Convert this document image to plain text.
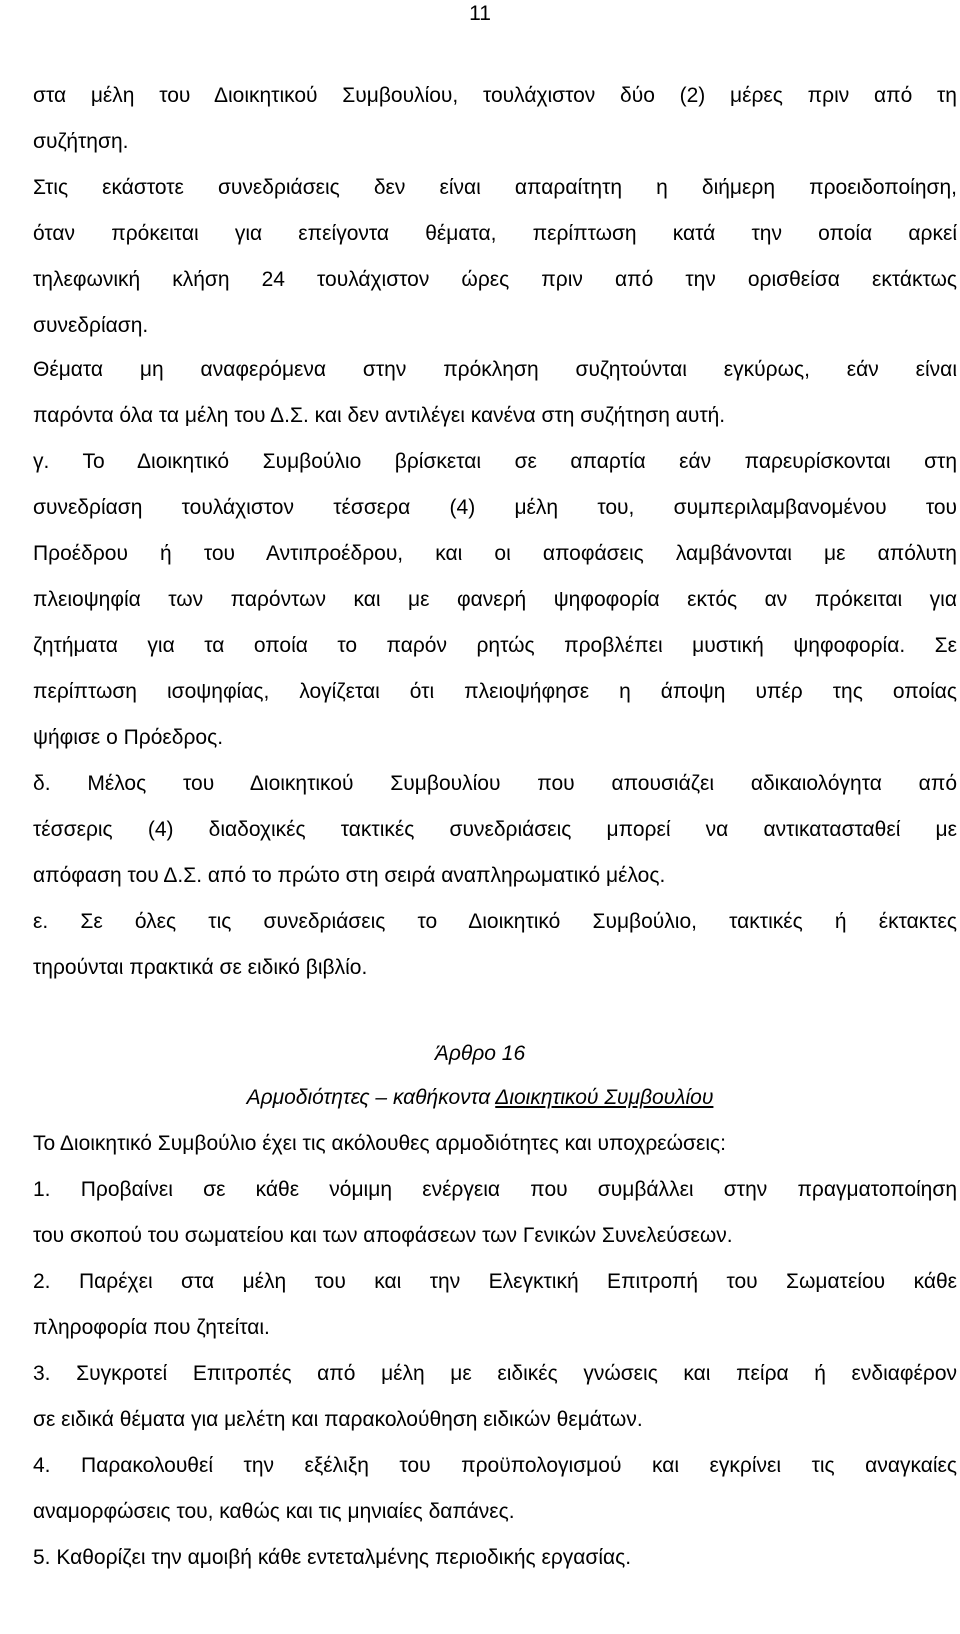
11
στα μέλη του Διοικητικού Συμβουλίου, τουλάχιστον δύο (2) μέρες πριν από τη
συζήτηση.
Στις εκάστοτε συνεδριάσεις δεν είναι απαραίτητη η διήμερη προειδοποίηση,
όταν πρόκειται για επείγοντα θέματα, περίπτωση κατά την οποία αρκεί
τηλεφωνική κλήση 24 τουλάχιστον ώρες πριν από την ορισθείσα εκτάκτως
συνεδρίαση.
Θέματα μη αναφερόμενα στην πρόκληση συζητούνται εγκύρως, εάν είναι
παρόντα όλα τα μέλη του Δ.Σ. και δεν αντιλέγει κανένα στη συζήτηση αυτή.
γ. Το Διοικητικό Συμβούλιο βρίσκεται σε απαρτία εάν παρευρίσκονται στη
συνεδρίαση τουλάχιστον τέσσερα (4) μέλη του, συμπεριλαμβανομένου του
Προέδρου ή του Αντιπροέδρου, και οι αποφάσεις λαμβάνονται με απόλυτη
πλειοψηφία των παρόντων και με φανερή ψηφοφορία εκτός αν πρόκειται για
ζητήματα για τα οποία το παρόν ρητώς προβλέπει μυστική ψηφοφορία. Σε
περίπτωση ισοψηφίας, λογίζεται ότι πλειοψήφησε η άποψη υπέρ της οποίας
ψήφισε ο Πρόεδρος.
δ. Μέλος του Διοικητικού Συμβουλίου που απουσιάζει αδικαιολόγητα από
τέσσερις (4) διαδοχικές τακτικές συνεδριάσεις μπορεί να αντικατασταθεί με
απόφαση του Δ.Σ. από το πρώτο στη σειρά αναπληρωματικό μέλος.
ε. Σε όλες τις συνεδριάσεις το Διοικητικό Συμβούλιο, τακτικές ή έκτακτες
τηρούνται πρακτικά σε ειδικό βιβλίο.
Άρθρο 16
Αρμοδιότητες – καθήκοντα Διοικητικού Συμβουλίου
Το Διοικητικό Συμβούλιο έχει τις ακόλουθες αρμοδιότητες και υποχρεώσεις:
1. Προβαίνει σε κάθε νόμιμη ενέργεια που συμβάλλει στην πραγματοποίηση
του σκοπού του σωματείου και των αποφάσεων των Γενικών Συνελεύσεων.
2. Παρέχει στα μέλη του και την Ελεγκτική Επιτροπή του Σωματείου κάθε
πληροφορία που ζητείται.
3. Συγκροτεί Επιτροπές από μέλη με ειδικές γνώσεις και πείρα ή ενδιαφέρον
σε ειδικά θέματα για μελέτη και παρακολούθηση ειδικών θεμάτων.
4. Παρακολουθεί την εξέλιξη του προϋπολογισμού και εγκρίνει τις αναγκαίες
αναμορφώσεις του, καθώς και τις μηνιαίες δαπάνες.
5. Καθορίζει την αμοιβή κάθε εντεταλμένης περιοδικής εργασίας.
